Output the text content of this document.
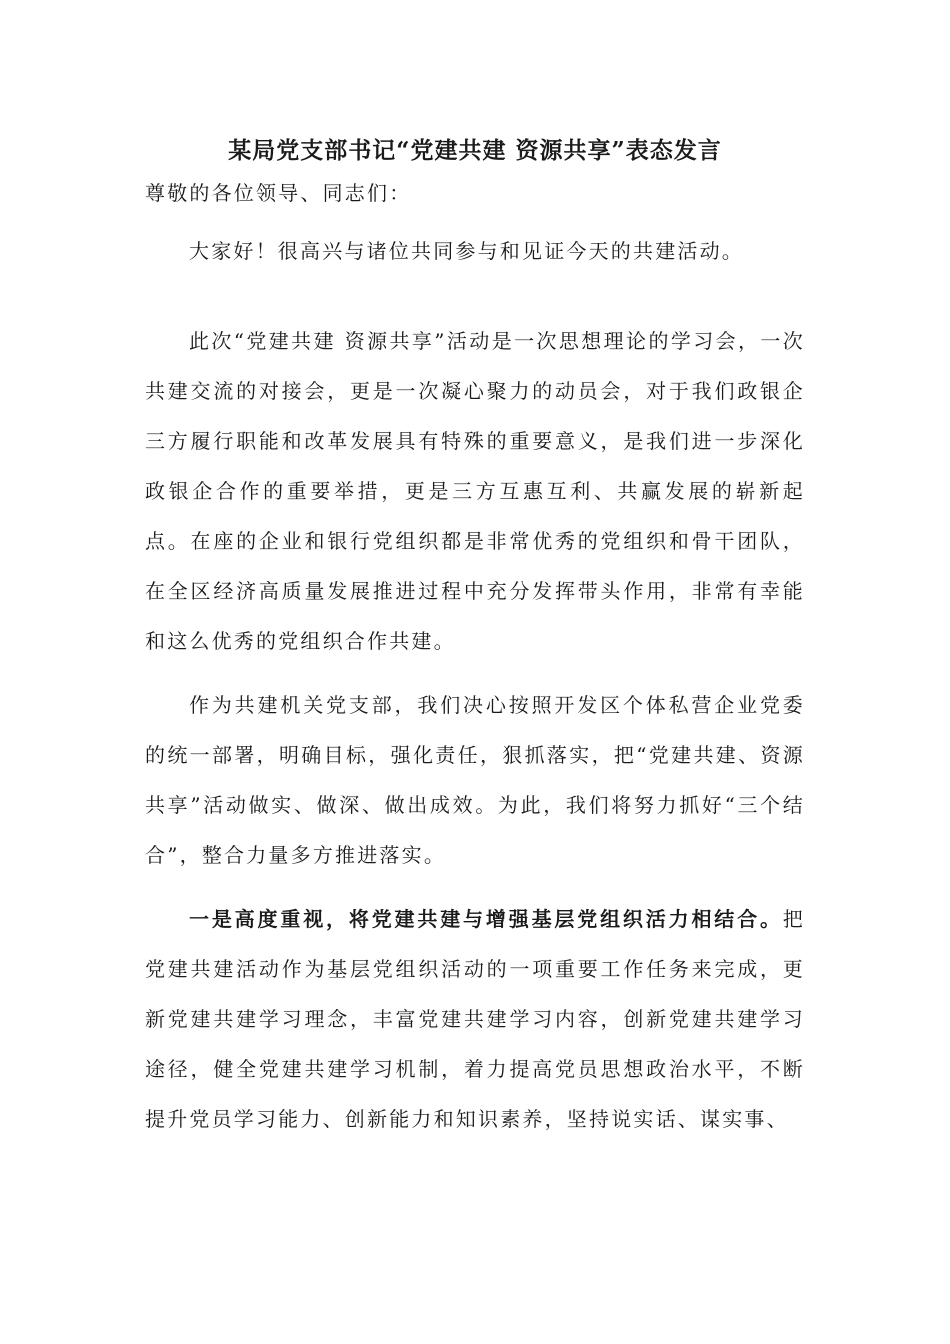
某局党支部书记“党建共建 资源共享”表态发言
尊敬的各位领导、同志们：
大家好！很高兴与诸位共同参与和见证今天的共建活动。
此次“党建共建 资源共享”活动是一次思想理论的学习会，一次共建交流的对接会，更是一次凝心聚力的动员会，对于我们政银企三方履行职能和改革发展具有特殊的重要意义，是我们进一步深化政银企合作的重要举措，更是三方互惠互利、共赢发展的崭新起点。在座的企业和银行党组织都是非常优秀的党组织和骨干团队，在全区经济高质量发展推进过程中充分发挥带头作用，非常有幸能和这么优秀的党组织合作共建。
作为共建机关党支部，我们决心按照开发区个体私营企业党委的统一部署，明确目标，强化责任，狠抓落实，把“党建共建、资源共享”活动做实、做深、做出成效。为此，我们将努力抓好“三个结合”，整合力量多方推进落实。
一是高度重视，将党建共建与增强基层党组织活力相结合。把党建共建活动作为基层党组织活动的一项重要工作任务来完成，更新党建共建学习理念，丰富党建共建学习内容，创新党建共建学习途径，健全党建共建学习机制，着力提高党员思想政治水平，不断提升党员学习能力、创新能力和知识素养，坚持说实话、谋实事、
